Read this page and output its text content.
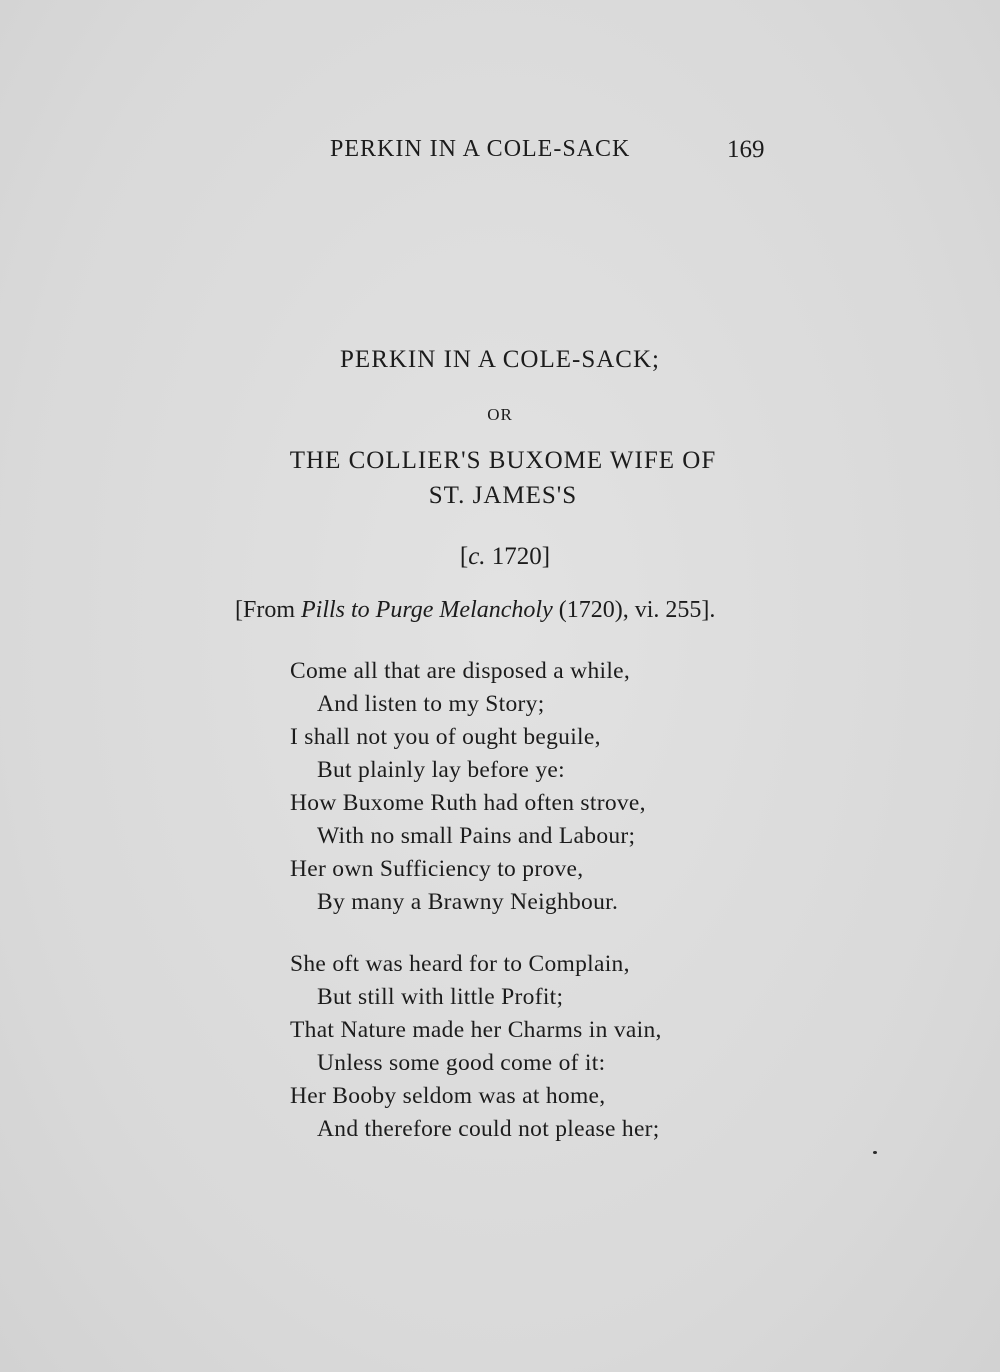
PERKIN IN A COLE-SACK	169
PERKIN IN A COLE-SACK;
OR
THE COLLIER'S BUXOME WIFE OF
ST. JAMES'S
[c. 1720]
[From Pills to Purge Melancholy (1720), vi. 255].
Come all that are disposed a while,
And listen to my Story;
I shall not you of ought beguile,
But plainly lay before ye:
How Buxome Ruth had often strove,
With no small Pains and Labour;
Her own Sufficiency to prove,
By many a Brawny Neighbour.
She oft was heard for to Complain,
But still with little Profit;
That Nature made her Charms in vain,
Unless some good come of it:
Her Booby seldom was at home,
And therefore could not please her;
